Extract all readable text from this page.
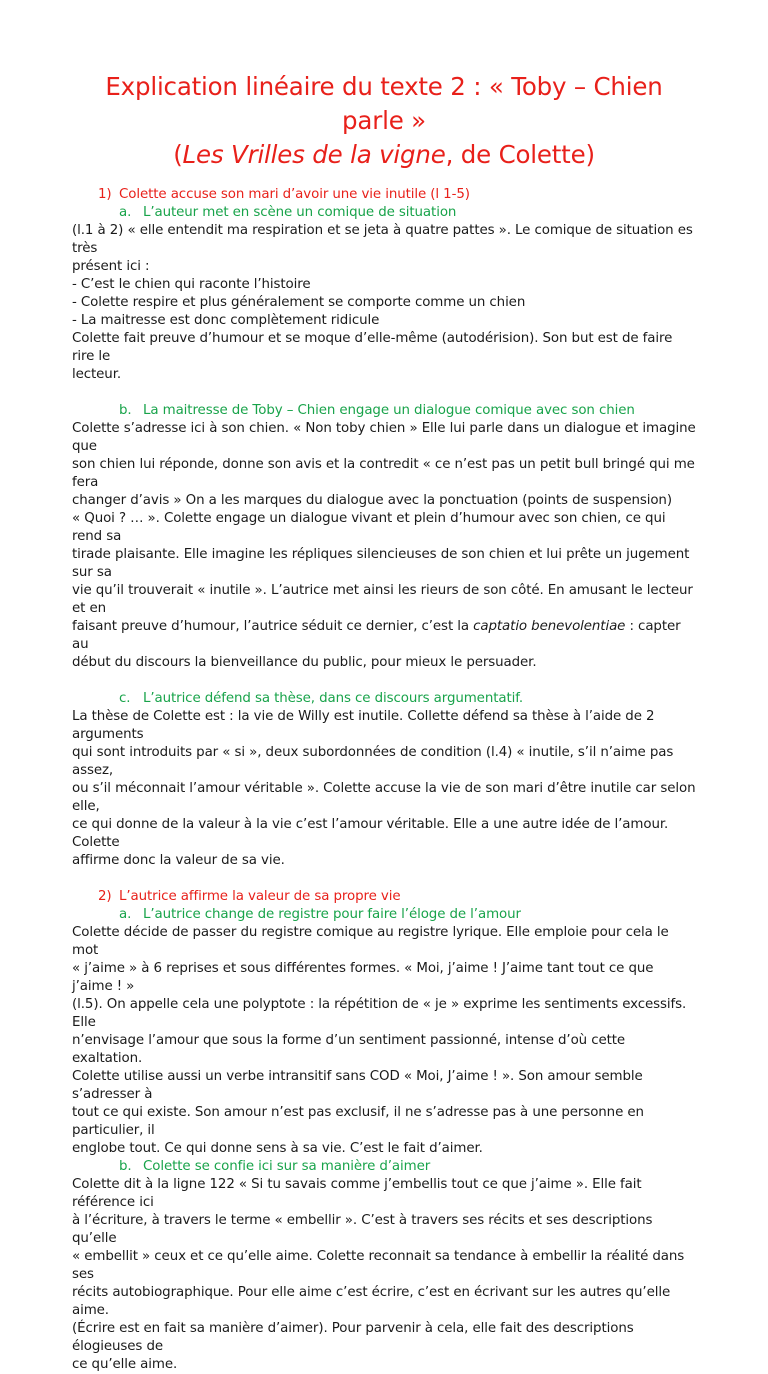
Explication linéaire du texte 2 : « Toby – Chien parle »
(Les Vrilles de la vigne, de Colette)
1) Colette accuse son mari d’avoir une vie inutile (l 1-5)
a. L’auteur met en scène un comique de situation

(l.1 à 2) « elle entendit ma respiration et se jeta à quatre pattes ». Le comique de situation es très

présent ici :

- C’est le chien qui raconte l’histoire

- Colette respire et plus généralement se comporte comme un chien

- La maitresse est donc complètement ridicule

Colette fait preuve d’humour et se moque d’elle-même (autodérision). Son but est de faire rire le

lecteur.

b. La maitresse de Toby – Chien engage un dialogue comique avec son chien

Colette s’adresse ici à son chien. « Non toby chien » Elle lui parle dans un dialogue et imagine que

son chien lui réponde, donne son avis et la contredit « ce n’est pas un petit bull bringé qui me fera

changer d’avis » On a les marques du dialogue avec la ponctuation (points de suspension)

« Quoi ? … ». Colette engage un dialogue vivant et plein d’humour avec son chien, ce qui rend sa

tirade plaisante. Elle imagine les répliques silencieuses de son chien et lui prête un jugement sur sa

vie qu’il trouverait « inutile ». L’autrice met ainsi les rieurs de son côté. En amusant le lecteur et en

faisant preuve d’humour, l’autrice séduit ce dernier, c’est la captatio benevolentiae : capter au

début du discours la bienveillance du public, pour mieux le persuader.

c. L’autrice défend sa thèse, dans ce discours argumentatif.

La thèse de Colette est : la vie de Willy est inutile. Collette défend sa thèse à l’aide de 2 arguments

qui sont introduits par « si », deux subordonnées de condition (l.4) « inutile, s’il n’aime pas assez,

ou s’il méconnait l’amour véritable ». Colette accuse la vie de son mari d’être inutile car selon elle,

ce qui donne de la valeur à la vie c’est l’amour véritable. Elle a une autre idée de l’amour. Colette

affirme donc la valeur de sa vie.

2) L’autrice affirme la valeur de sa propre vie
a. L’autrice change de registre pour faire l’éloge de l’amour

Colette décide de passer du registre comique au registre lyrique. Elle emploie pour cela le mot

« j’aime » à 6 reprises et sous différentes formes. « Moi, j’aime ! J’aime tant tout ce que j’aime ! »

(l.5). On appelle cela une polyptote : la répétition de « je » exprime les sentiments excessifs. Elle

n’envisage l’amour que sous la forme d’un sentiment passionné, intense d’où cette exaltation.

Colette utilise aussi un verbe intransitif sans COD « Moi, J’aime ! ». Son amour semble s’adresser à

tout ce qui existe. Son amour n’est pas exclusif, il ne s’adresse pas à une personne en particulier, il

englobe tout. Ce qui donne sens à sa vie. C’est le fait d’aimer.

b. Colette se confie ici sur sa manière d’aimer

Colette dit à la ligne 122 « Si tu savais comme j’embellis tout ce que j’aime ». Elle fait référence ici

à l’écriture, à travers le terme « embellir ». C’est à travers ses récits et ses descriptions qu’elle

« embellit » ceux et ce qu’elle aime. Colette reconnait sa tendance à embellir la réalité dans ses

récits autobiographique. Pour elle aime c’est écrire, c’est en écrivant sur les autres qu’elle aime.

(Écrire est en fait sa manière d’aimer). Pour parvenir à cela, elle fait des descriptions élogieuses de

ce qu’elle aime.
